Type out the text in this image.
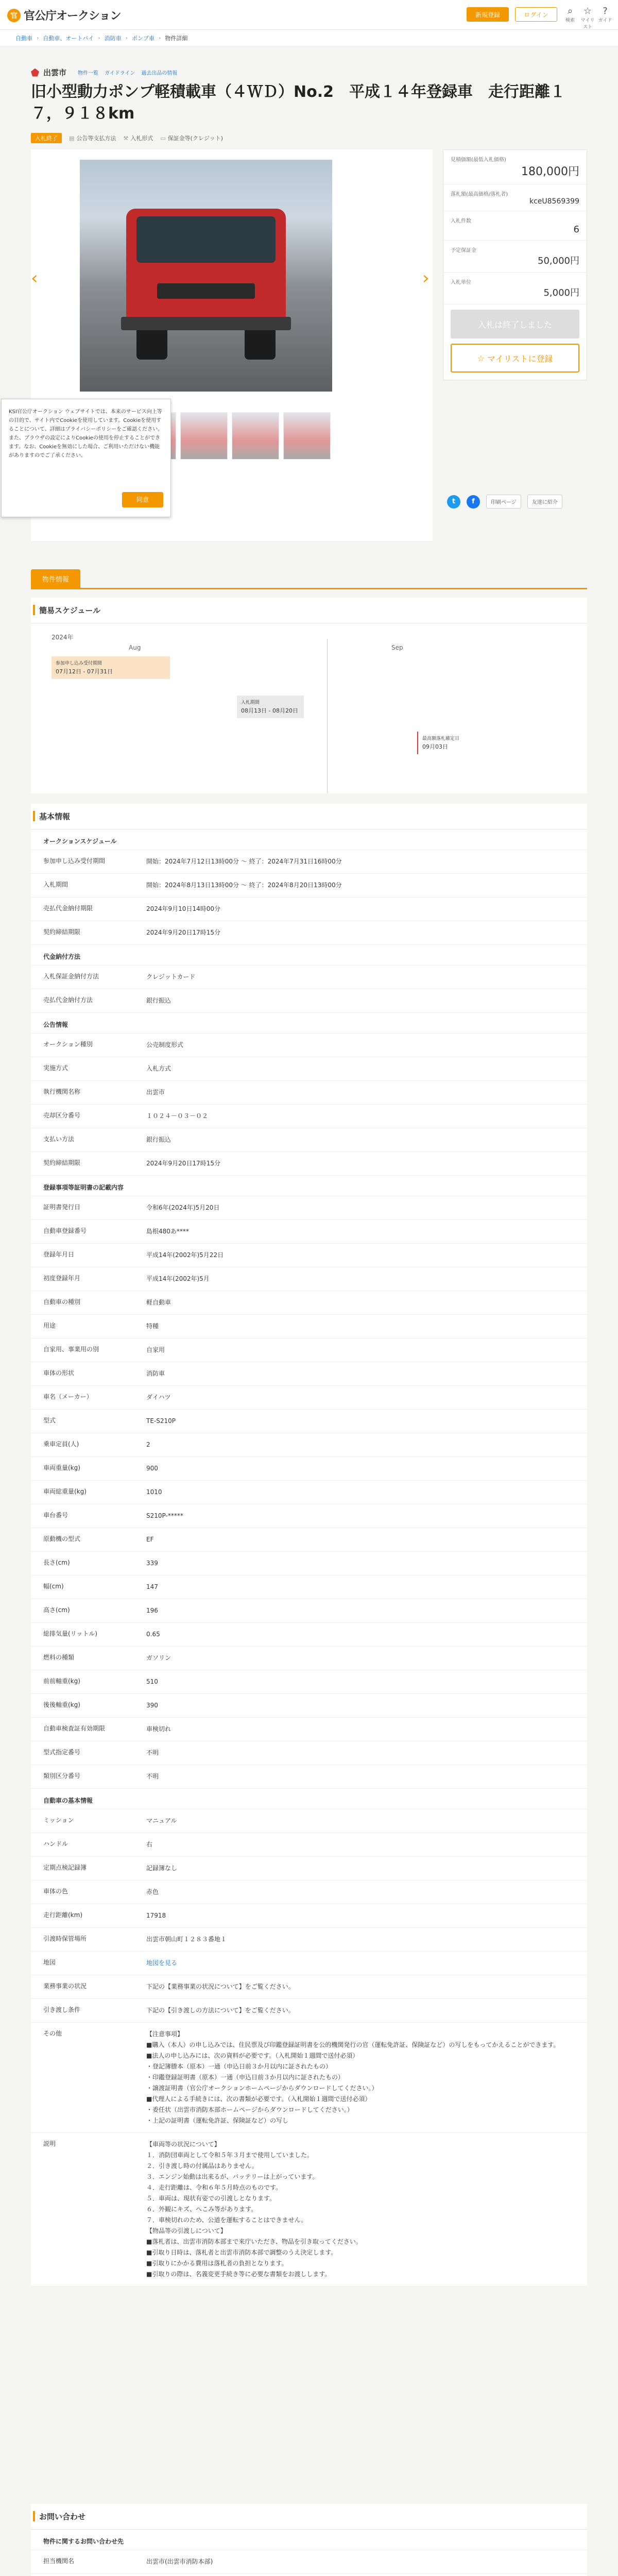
官 官公庁オークション	新規登録	ログイン	⌕
検索
☆
マイリスト
?
ガイド
自動車 › 自動車、オートバイ › 消防車 › ポンプ車 › 物件詳細
出雲市 物件一覧 ガイドライン 過去出品の情報
旧小型動力ポンプ軽積載車（４ＷＤ）No.2　平成１４年登録車　走行距離１７，９１８km
入札終了	▤ 公告等支払方法 ⚒ 入札形式 ▭ 保証金等(クレジット)
‹	›
KSI官公庁オークション ウェブサイトでは、本来のサービス向上等の目的で、サイト内でCookieを使用しています。Cookieを使用することについて、詳細はプライバシーポリシーをご確認ください。また、ブラウザの設定によりCookieの使用を停止することができます。なお、Cookieを無効にした場合、ご利用いただけない機能がありますのでご了承ください。
同意
見積価額(最低入札価格)
180,000円
落札額(最高価格/落札者)
kceU8569399
入札件数
6
予定保証金
50,000円
入札単位
5,000円
入札は終了しました
☆ マイリストに登録
t	f	印刷ページ	友達に紹介
物件情報
簡易スケジュール
2024年
Aug	Sep
参加申し込み受付期間
07月12日 - 07月31日
入札期間
08月13日 - 08月20日
最高額落札確定日
09月03日
基本情報
オークションスケジュール
参加申し込み受付期間	開始：2024年7月12日13時00分 ～ 終了：2024年7月31日16時00分
入札期間	開始：2024年8月13日13時00分 ～ 終了：2024年8月20日13時00分
売払代金納付期限	2024年9月10日14時00分
契約締結期限	2024年9月20日17時15分
代金納付方法
入札保証金納付方法	クレジットカード
売払代金納付方法	銀行振込
公告情報
オークション種別	公売制度形式
実施方式	入札方式
執行機関名称	出雲市
売却区分番号	１０２４－０３－０２
支払い方法	銀行振込
契約締結期限	2024年9月20日17時15分
登録事項等証明書の記載内容
証明書発行日	令和6年(2024年)5月20日
自動車登録番号	島根480あ****
登録年月日	平成14年(2002年)5月22日
初度登録年月	平成14年(2002年)5月
自動車の種別	軽自動車
用途	特種
自家用、事業用の別	自家用
車体の形状	消防車
車名（メーカー）	ダイハツ
型式	TE-S210P
乗車定員(人)	2
車両重量(kg)	900
車両総重量(kg)	1010
車台番号	S210P-*****
原動機の型式	EF
長さ(cm)	339
幅(cm)	147
高さ(cm)	196
総排気量(リットル)	0.65
燃料の種類	ガソリン
前前軸重(kg)	510
後後軸重(kg)	390
自動車検査証有効期限	車検切れ
型式指定番号	不明
類別区分番号	不明
自動車の基本情報
ミッション	マニュアル
ハンドル	右
定期点検記録簿	記録簿なし
車体の色	赤色
走行距離(km)	17918
引渡時保管場所	出雲市朝山町１２８３番地１
地図	地図を見る
業務事業の状況	下記の【業務事業の状況について】をご覧ください。
引き渡し条件	下記の【引き渡しの方法について】をご覧ください。
その他	【注意事項】
■購入（本人）の申し込みでは、住民票及び印鑑登録証明書を公的機関発行の官（運転免許証、保険証など）の写しをもってかえることができます。
■法人の申し込みには、次の資料が必要です。（入札開始１週間で送付必須）
・登記簿謄本（原本）一通（申込日前３か月以内に証されたもの）
・印鑑登録証明書（原本）一通（申込日前３か月以内に証されたもの）
・譲渡証明書（官公庁オークションホームページからダウンロードしてください。）
■代理人による手続きには、次の書類が必要です。（入札開始１週間で送付必須）
・委任状（出雲市消防本部ホームページからダウンロードしてください。）
・上記の証明書（運転免許証、保険証など）の写し
説明	【車両等の状況について】
１．消防団車両として令和５年３月まで使用していました。
２．引き渡し時の付属品はありません。
３．エンジン始動は出来るが、バッテリーは上がっています。
４．走行距離は、令和６年５月時点のものです。
５．車両は、現状有姿での引渡しとなります。
６．外観にキズ、へこみ等があります。
７．車検切れのため、公道を運転することはできません。
【物品等の引渡しについて】
■落札者は、出雲市消防本部まで来庁いただき、物品を引き取ってください。
■引取り日時は、落札者と出雲市消防本部で調整のうえ決定します。
■引取りにかかる費用は落札者の負担となります。
■引取りの際は、名義変更手続き等に必要な書類をお渡しします。
お問い合わせ
物件に関するお問い合わせ先
担当機関名	出雲市(出雲市消防本部)
